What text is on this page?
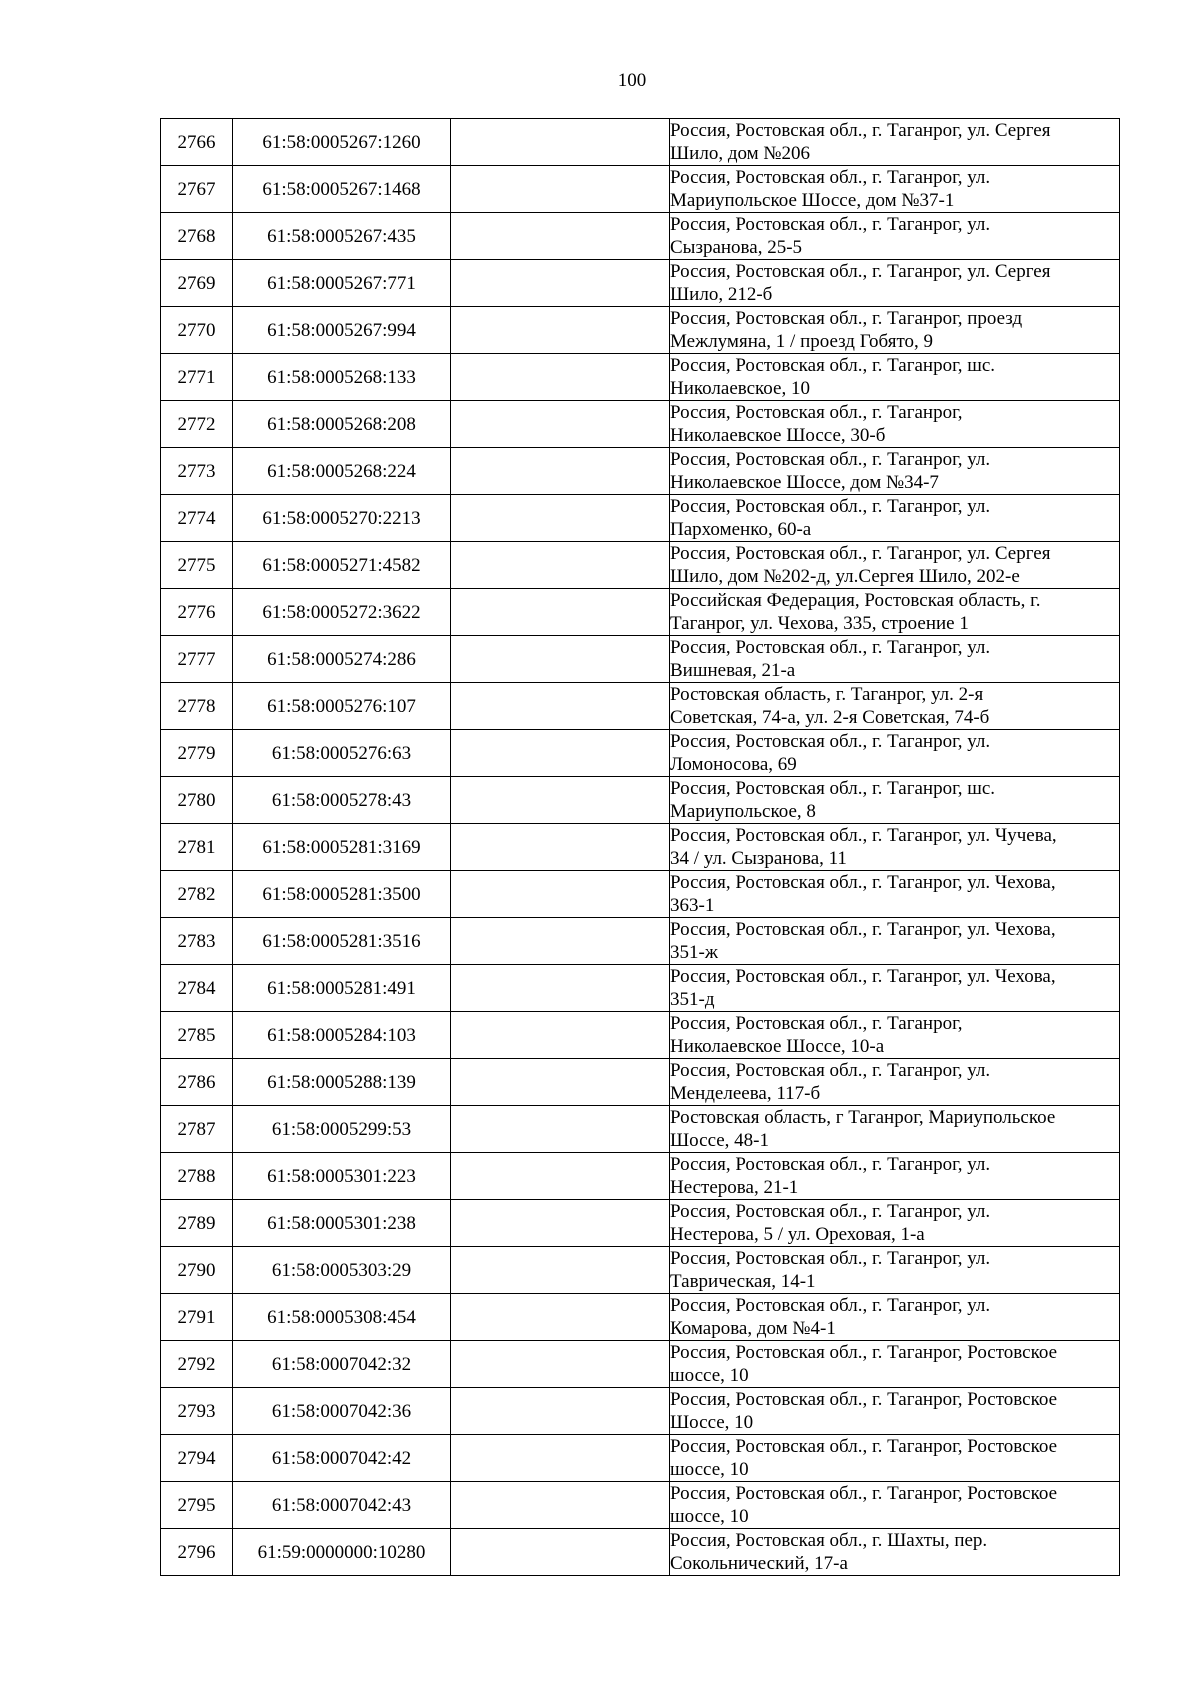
100
2766	61:58:0005267:1260		Россия, Ростовская обл., г. Таганрог, ул. Сергея
Шило, дом №206

2767	61:58:0005267:1468		Россия, Ростовская обл., г. Таганрог, ул.
Мариупольское Шоссе, дом №37-1

2768	61:58:0005267:435		Россия, Ростовская обл., г. Таганрог, ул.
Сызранова, 25-5

2769	61:58:0005267:771		Россия, Ростовская обл., г. Таганрог, ул. Сергея
Шило, 212-б

2770	61:58:0005267:994		Россия, Ростовская обл., г. Таганрог, проезд
Межлумяна, 1 / проезд Гобято, 9

2771	61:58:0005268:133		Россия, Ростовская обл., г. Таганрог, шс.
Николаевское, 10

2772	61:58:0005268:208		Россия, Ростовская обл., г. Таганрог,
Николаевское Шоссе, 30-б

2773	61:58:0005268:224		Россия, Ростовская обл., г. Таганрог, ул.
Николаевское Шоссе, дом №34-7

2774	61:58:0005270:2213		Россия, Ростовская обл., г. Таганрог, ул.
Пархоменко, 60-а

2775	61:58:0005271:4582		Россия, Ростовская обл., г. Таганрог, ул. Сергея
Шило, дом №202-д, ул.Сергея Шило, 202-е

2776	61:58:0005272:3622		Российская Федерация, Ростовская область, г.
Таганрог, ул. Чехова, 335, строение 1

2777	61:58:0005274:286		Россия, Ростовская обл., г. Таганрог, ул.
Вишневая, 21-а

2778	61:58:0005276:107		Ростовская область, г. Таганрог, ул. 2-я
Советская, 74-а, ул. 2-я Советская, 74-б

2779	61:58:0005276:63		Россия, Ростовская обл., г. Таганрог, ул.
Ломоносова, 69

2780	61:58:0005278:43		Россия, Ростовская обл., г. Таганрог, шс.
Мариупольское, 8

2781	61:58:0005281:3169		Россия, Ростовская обл., г. Таганрог, ул. Чучева,
34 / ул. Сызранова, 11

2782	61:58:0005281:3500		Россия, Ростовская обл., г. Таганрог, ул. Чехова,
363-1

2783	61:58:0005281:3516		Россия, Ростовская обл., г. Таганрог, ул. Чехова,
351-ж

2784	61:58:0005281:491		Россия, Ростовская обл., г. Таганрог, ул. Чехова,
351-д

2785	61:58:0005284:103		Россия, Ростовская обл., г. Таганрог,
Николаевское Шоссе, 10-а

2786	61:58:0005288:139		Россия, Ростовская обл., г. Таганрог, ул.
Менделеева, 117-б

2787	61:58:0005299:53		Ростовская область, г Таганрог, Мариупольское
Шоссе, 48-1

2788	61:58:0005301:223		Россия, Ростовская обл., г. Таганрог, ул.
Нестерова, 21-1

2789	61:58:0005301:238		Россия, Ростовская обл., г. Таганрог, ул.
Нестерова, 5 / ул. Ореховая, 1-а

2790	61:58:0005303:29		Россия, Ростовская обл., г. Таганрог, ул.
Таврическая, 14-1

2791	61:58:0005308:454		Россия, Ростовская обл., г. Таганрог, ул.
Комарова, дом №4-1

2792	61:58:0007042:32		Россия, Ростовская обл., г. Таганрог, Ростовское
шоссе, 10

2793	61:58:0007042:36		Россия, Ростовская обл., г. Таганрог, Ростовское
Шоссе, 10

2794	61:58:0007042:42		Россия, Ростовская обл., г. Таганрог, Ростовское
шоссе, 10

2795	61:58:0007042:43		Россия, Ростовская обл., г. Таганрог, Ростовское
шоссе, 10

2796	61:59:0000000:10280		Россия, Ростовская обл., г. Шахты, пер.
Сокольнический, 17-а
